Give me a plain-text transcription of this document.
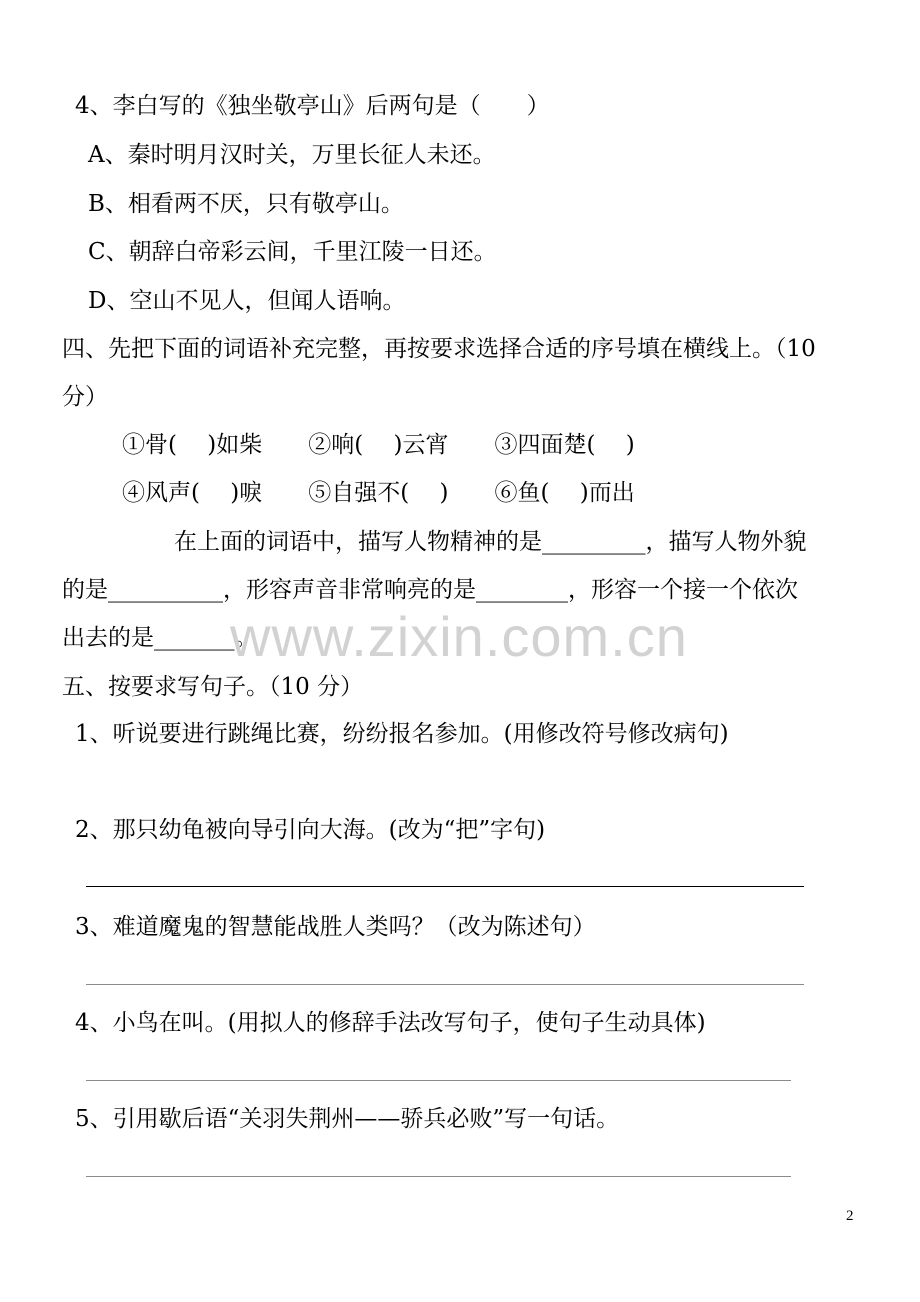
4、李白写的《独坐敬亭山》后两句是（　　）
A、秦时明月汉时关，万里长征人未还。
B、相看两不厌，只有敬亭山。
C、朝辞白帝彩云间，千里江陵一日还。
D、空山不见人，但闻人语响。
四、先把下面的词语补充完整，再按要求选择合适的序号填在横线上。（10
分）
①骨(　 )如柴　　②响(　 )云宵　　③四面楚(　 )
④风声(　 )唳　　⑤自强不(　 )　　⑥鱼(　 )而出
在上面的词语中，描写人物精神的是_________，描写人物外貌
的是__________，形容声音非常响亮的是________，形容一个接一个依次
出去的是_______。
五、按要求写句子。（10 分）
1、听说要进行跳绳比赛，纷纷报名参加。(用修改符号修改病句)
2、那只幼龟被向导引向大海。(改为“把”字句)
3、难道魔鬼的智慧能战胜人类吗？（改为陈述句）
4、小鸟在叫。(用拟人的修辞手法改写句子，使句子生动具体)
5、引用歇后语“关羽失荆州——骄兵必败”写一句话。
www.zixin.com.cn
2
